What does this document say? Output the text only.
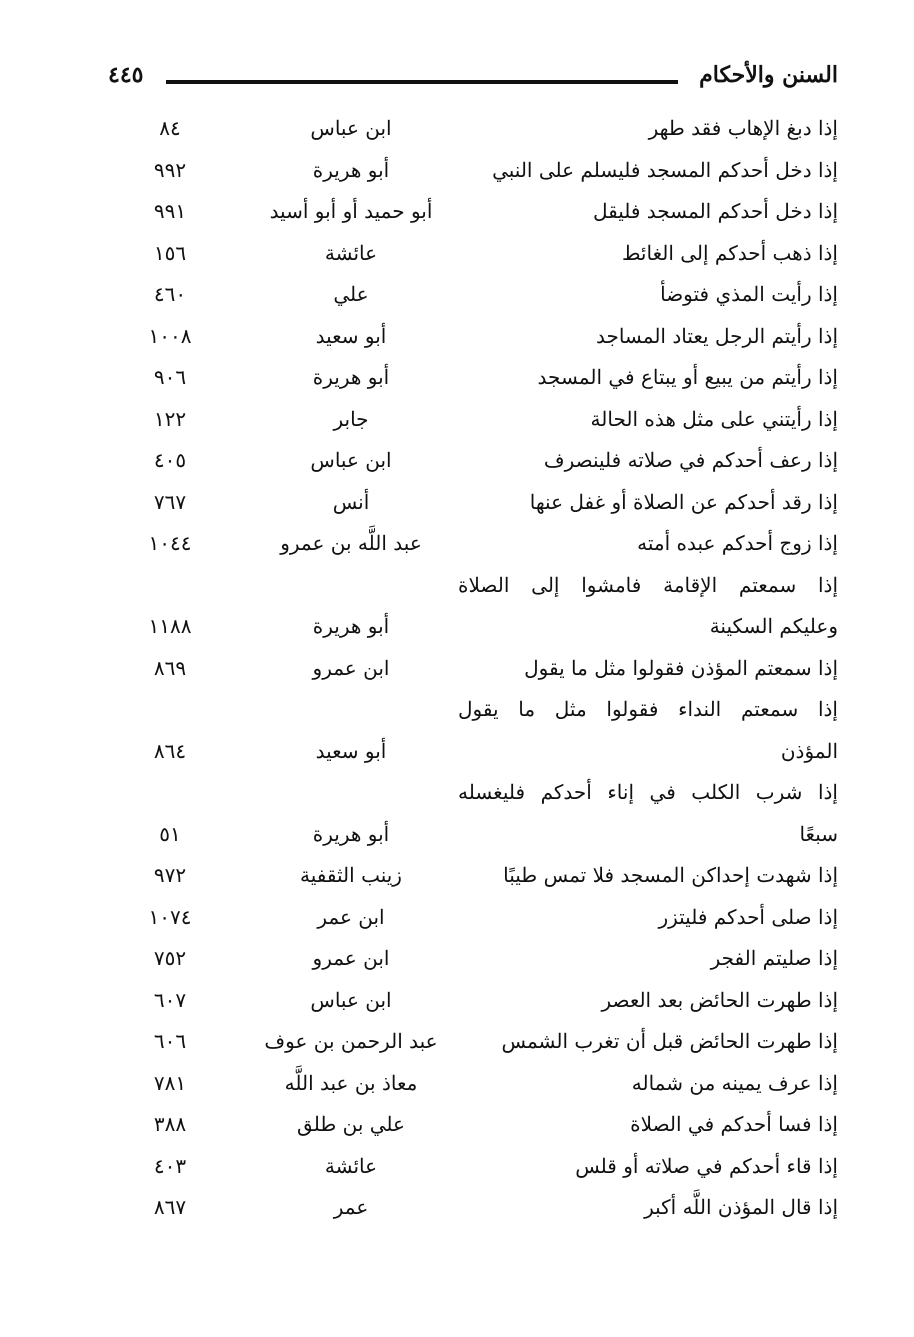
السنن والأحكام
٤٤٥
إذا دبغ الإهاب فقد طهر
ابن عباس
٨٤
إذا دخل أحدكم المسجد فليسلم على النبي
أبو هريرة
٩٩٢
إذا دخل أحدكم المسجد فليقل
أبو حميد أو أبو أسيد
٩٩١
إذا ذهب أحدكم إلى الغائط
عائشة
١٥٦
إذا رأيت المذي فتوضأ
علي
٤٦٠
إذا رأيتم الرجل يعتاد المساجد
أبو سعيد
١٠٠٨
إذا رأيتم من يبيع أو يبتاع في المسجد
أبو هريرة
٩٠٦
إذا رأيتني على مثل هذه الحالة
جابر
١٢٢
إذا رعف أحدكم في صلاته فلينصرف
ابن عباس
٤٠٥
إذا رقد أحدكم عن الصلاة أو غفل عنها
أنس
٧٦٧
إذا زوج أحدكم عبده أمته
عبد اللَّه بن عمرو
١٠٤٤
إذا سمعتم الإقامة فامشوا إلى الصلاة
وعليكم السكينة
أبو هريرة
١١٨٨
إذا سمعتم المؤذن فقولوا مثل ما يقول
ابن عمرو
٨٦٩
إذا سمعتم النداء فقولوا مثل ما يقول
المؤذن
أبو سعيد
٨٦٤
إذا شرب الكلب في إناء أحدكم فليغسله
سبعًا
أبو هريرة
٥١
إذا شهدت إحداكن المسجد فلا تمس طيبًا
زينب الثقفية
٩٧٢
إذا صلى أحدكم فليتزر
ابن عمر
١٠٧٤
إذا صليتم الفجر
ابن عمرو
٧٥٢
إذا طهرت الحائض بعد العصر
ابن عباس
٦٠٧
إذا طهرت الحائض قبل أن تغرب الشمس
عبد الرحمن بن عوف
٦٠٦
إذا عرف يمينه من شماله
معاذ بن عبد اللَّه
٧٨١
إذا فسا أحدكم في الصلاة
علي بن طلق
٣٨٨
إذا قاء أحدكم في صلاته أو قلس
عائشة
٤٠٣
إذا قال المؤذن اللَّه أكبر
عمر
٨٦٧
